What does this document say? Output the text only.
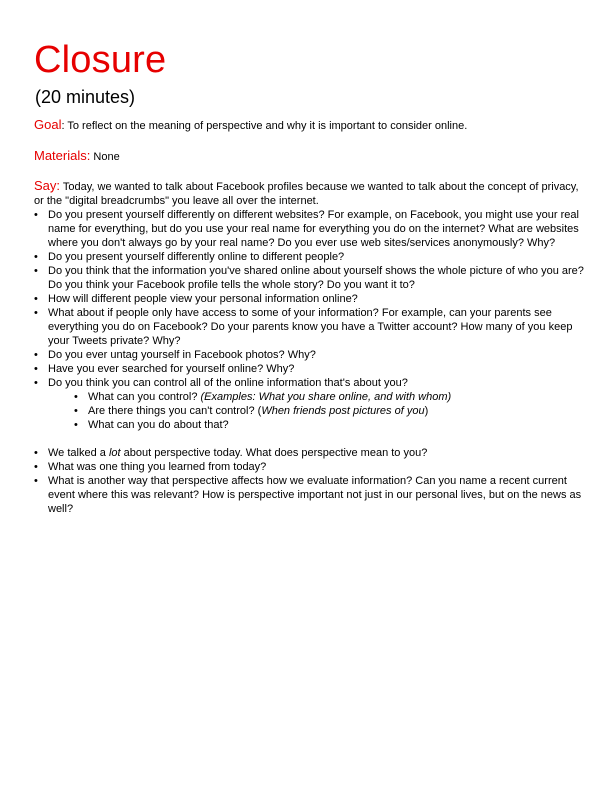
Closure
(20 minutes)
Goal: To reflect on the meaning of perspective and why it is important to consider online.
Materials: None
Say: Today, we wanted to talk about Facebook profiles because we wanted to talk about the concept of privacy, or the "digital breadcrumbs" you leave all over the internet.
• Do you present yourself differently on different websites? For example, on Facebook, you might use your real name for everything, but do you use your real name for everything you do on the internet? What are websites where you don't always go by your real name? Do you ever use web sites/services anonymously? Why?
• Do you present yourself differently online to different people?
• Do you think that the information you've shared online about yourself shows the whole picture of who you are? Do you think your Facebook profile tells the whole story? Do you want it to?
• How will different people view your personal information online?
• What about if people only have access to some of your information? For example, can your parents see everything you do on Facebook? Do your parents know you have a Twitter account? How many of you keep your Tweets private? Why?
• Do you ever untag yourself in Facebook photos? Why?
• Have you ever searched for yourself online? Why?
• Do you think you can control all of the online information that's about you?
• What can you control? (Examples: What you share online, and with whom)
• Are there things you can't control? (When friends post pictures of you)
• What can you do about that?
• We talked a lot about perspective today. What does perspective mean to you?
• What was one thing you learned from today?
• What is another way that perspective affects how we evaluate information? Can you name a recent current event where this was relevant? How is perspective important not just in our personal lives, but on the news as well?
